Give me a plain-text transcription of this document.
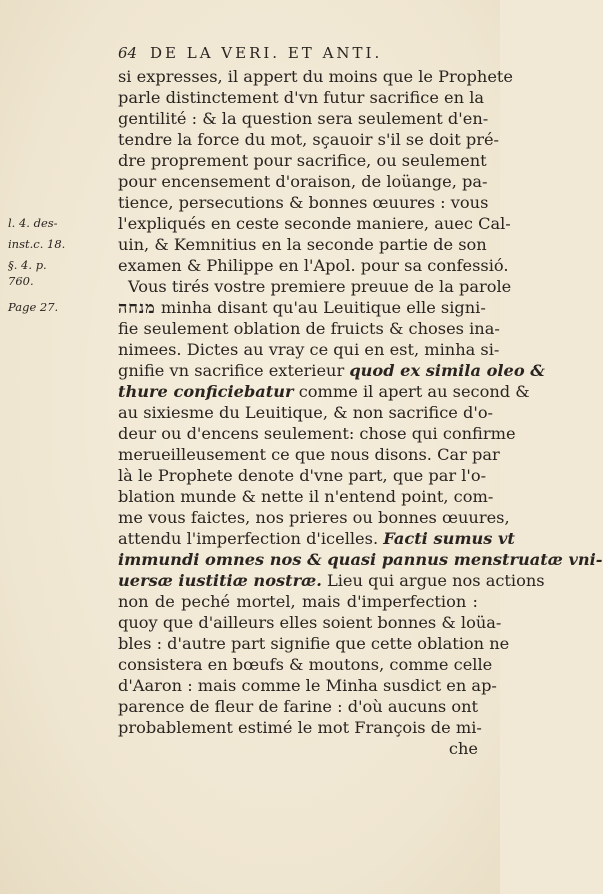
64 DE LA VERI. ET ANTI.
l. 4. des-
inst.c. 18.
§. 4. p.
760.
Page 27.
si expresses, il appert du moins que le Prophete
parle distinctement d'vn futur sacrifice en la
gentilité : & la question sera seulement d'en-
tendre la force du mot, sçauoir s'il se doit pré-
dre proprement pour sacrifice, ou seulement
pour encensement d'oraison, de loüange, pa-
tience, persecutions & bonnes œuures : vous
l'expliqués en ceste seconde maniere, auec Cal-
uin, & Kemnitius en la seconde partie de son
examen & Philippe en l'Apol. pour sa confessió.
Vous tirés vostre premiere preuue de la parole
מנחה minha disant qu'au Leuitique elle signi-
fie seulement oblation de fruicts & choses ina-
nimees. Dictes au vray ce qui en est, minha si-
gnifie vn sacrifice exterieur quod ex simila oleo &
thure conficiebatur comme il apert au second &
au sixiesme du Leuitique, & non sacrifice d'o-
deur ou d'encens seulement: chose qui confirme
merueilleusement ce que nous disons. Car par
là le Prophete denote d'vne part, que par l'o-
blation munde & nette il n'entend point, com-
me vous faictes, nos prieres ou bonnes œuures,
attendu l'imperfection d'icelles. Facti sumus vt
immundi omnes nos & quasi pannus menstruatæ vni-
uersæ iustitiæ nostræ. Lieu qui argue nos actions
non de peché mortel, mais d'imperfection :
quoy que d'ailleurs elles soient bonnes & loüa-
bles : d'autre part signifie que cette oblation ne
consistera en bœufs & moutons, comme celle
d'Aaron : mais comme le Minha susdict en ap-
parence de fleur de farine : d'où aucuns ont
probablement estimé le mot François de mi-
che
